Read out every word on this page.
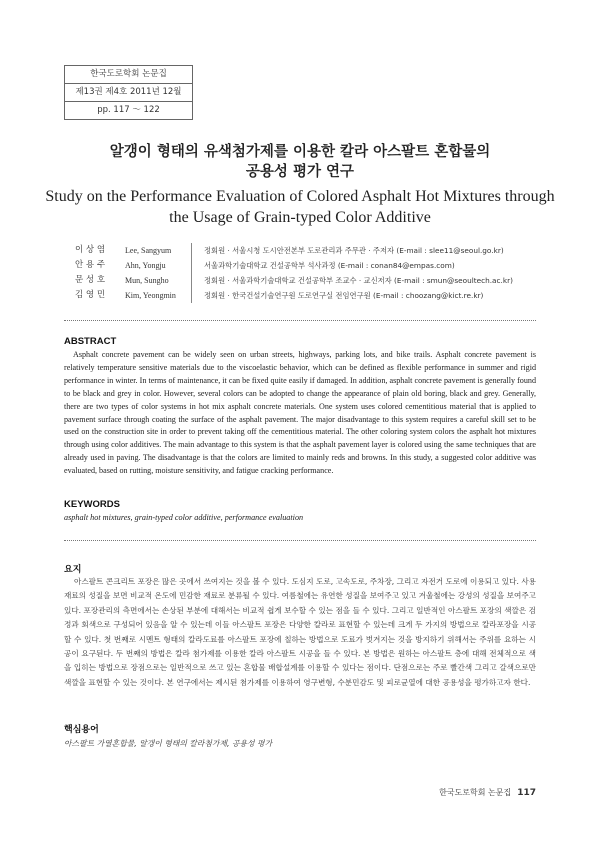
한국도로학회 논문집
제13권 제4호 2011년 12월
pp. 117 ～ 122
알갱이 형태의 유색첨가제를 이용한 칼라 아스팔트 혼합물의
공용성 평가 연구
Study on the Performance Evaluation of Colored Asphalt Hot Mixtures through
the Usage of Grain-typed Color Additive
이 상 염	Lee, Sangyum	정회원 · 서울시청 도시안전본부 도로관리과 주무관 · 주저자 (E-mail : slee11@seoul.go.kr)
안 용 주	Ahn, Yongju	서울과학기술대학교 건설공학부 석사과정 (E-mail : conan84@empas.com)
문 성 호	Mun, Sungho	정회원 · 서울과학기술대학교 건설공학부 조교수 · 교신저자 (E-mail : smun@seoultech.ac.kr)
김 영 민	Kim, Yeongmin	정회원 · 한국건설기술연구원 도로연구실 전임연구원 (E-mail : choozang@kict.re.kr)
ABSTRACT

Asphalt concrete pavement can be widely seen on urban streets, highways, parking lots, and bike trails. Asphalt concrete pavement is relatively temperature sensitive materials due to the viscoelastic behavior, which can be defined as flexible performance in summer and rigid performance in winter. In terms of maintenance, it can be fixed quite easily if damaged. In addition, asphalt concrete pavement is generally found to be black and grey in color. However, several colors can be adopted to change the appearance of plain old boring, black and grey. Generally, there are two types of color systems in hot mix asphalt concrete materials. One system uses colored cementitious material that is applied to pavement surface through coating the surface of the asphalt pavement. The major disadvantage to this system requires a careful skill set to be used on the construction site in order to prevent taking off the cementitious material. The other coloring system colors the asphalt hot mixtures through using color additives. The main advantage to this system is that the asphalt pavement layer is colored using the same techniques that are already used in paving. The disadvantage is that the colors are limited to mainly reds and browns. In this study, a suggested color additive was evaluated, based on rutting, moisture sensitivity, and fatigue cracking performance.

KEYWORDS
asphalt hot mixtures, grain-typed color additive, performance evaluation
요지

아스팔트 콘크리트 포장은 많은 곳에서 쓰여지는 것을 볼 수 있다. 도심지 도로, 고속도로, 주차장, 그리고 자전거 도로에 이용되고 있다. 사용재료의 성질을 보면 비교적 온도에 민감한 재료로 분류될 수 있다. 여름철에는 유연한 성질을 보여주고 있고 겨울철에는 강성의 성질을 보여주고 있다. 포장관리의 측면에서는 손상된 부분에 대해서는 비교적 쉽게 보수할 수 있는 점을 들 수 있다. 그리고 일반적인 아스팔트 포장의 색깔은 검정과 회색으로 구성되어 있음을 알 수 있는데 이들 아스팔트 포장은 다양한 칼라로 표현할 수 있는데 크게 두 가지의 방법으로 칼라포장을 시공할 수 있다. 첫 번째로 시멘트 형태의 칼라도료를 아스팔트 포장에 칠하는 방법으로 도료가 벗겨지는 것을 방지하기 위해서는 주위를 요하는 시공이 요구된다. 두 번째의 방법은 칼라 첨가제를 이용한 칼라 아스팔트 시공을 들 수 있다. 본 방법은 원하는 아스팔트 층에 대해 전체적으로 색을 입히는 방법으로 장점으로는 일반적으로 쓰고 있는 혼합물 배합설계를 이용할 수 있다는 점이다. 단점으로는 주로 빨간색 그리고 갈색으로만 색깔을 표현할 수 있는 것이다. 본 연구에서는 제시된 첨가제를 이용하여 영구변형, 수분민감도 및 피로균열에 대한 공용성을 평가하고자 한다.

핵심용어
아스팔트 가열혼합물, 알갱이 형태의 칼라첨가제, 공용성 평가
한국도로학회 논문집 117
